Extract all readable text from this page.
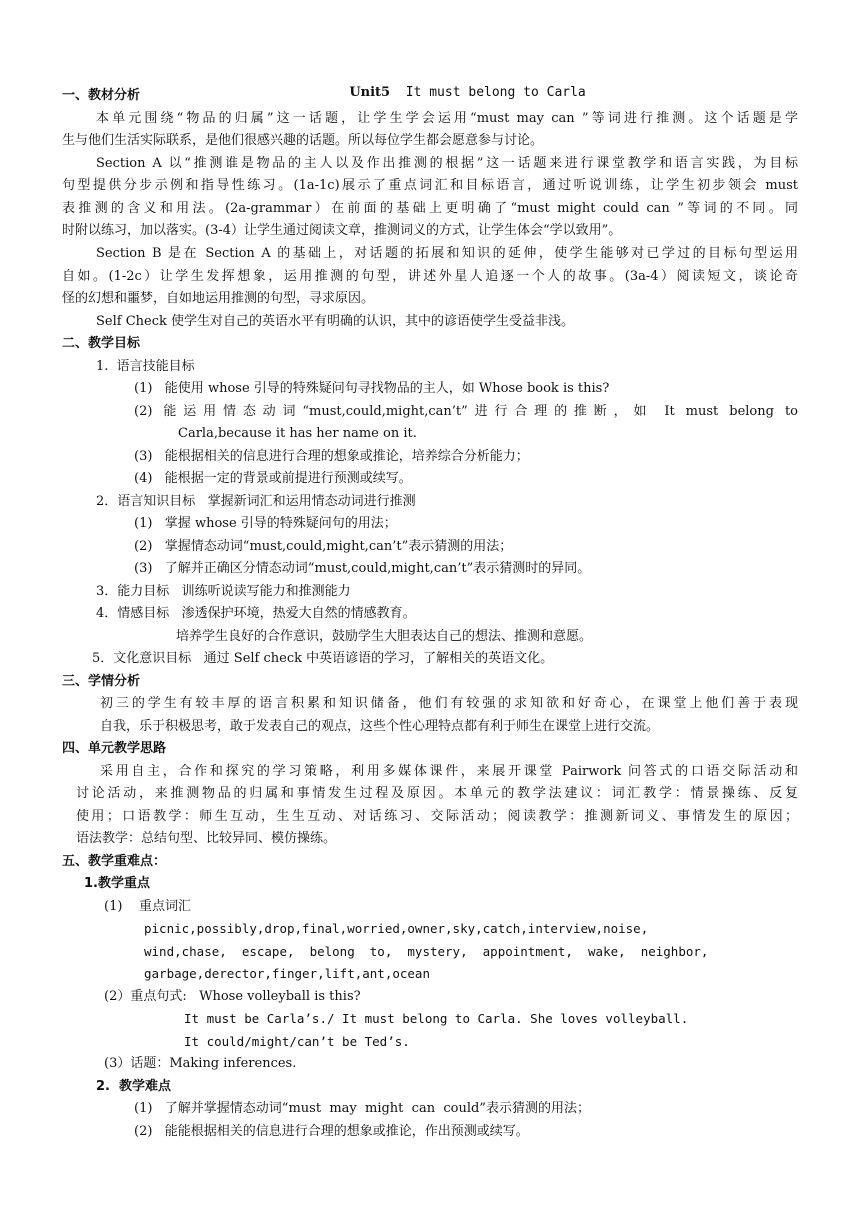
Unit5 It must belong to Carla

一、教材分析
本单元围绕“物品的归属”这一话题，让学生学会运用“must may can ”等词进行推测。这个话题是学
生与他们生活实际联系，是他们很感兴趣的话题。所以每位学生都会愿意参与讨论。
Section A 以“推测谁是物品的主人以及作出推测的根据”这一话题来进行课堂教学和语言实践，为目标
句型提供分步示例和指导性练习。(1a-1c)展示了重点词汇和目标语言，通过听说训练，让学生初步领会 must
表推测的含义和用法。(2a-grammar）在前面的基础上更明确了“must might could can ”等词的不同。同
时附以练习，加以落实。(3-4）让学生通过阅读文章，推测词义的方式，让学生体会“学以致用”。
Section B 是在 Section A 的基础上，对话题的拓展和知识的延伸，使学生能够对已学过的目标句型运用
自如。(1-2c）让学生发挥想象，运用推测的句型，讲述外星人追逐一个人的故事。(3a-4）阅读短文，谈论奇
怪的幻想和噩梦，自如地运用推测的句型，寻求原因。
Self Check 使学生对自己的英语水平有明确的认识，其中的谚语使学生受益非浅。
二、教学目标
1.  语言技能目标
(1)   能使用 whose 引导的特殊疑问句寻找物品的主人，如 Whose book is this?
(2) 能运用情态动词“must,could,might,can’t”进行合理的推断，如 It must belong to
Carla,because it has her name on it.
(3)   能根据相关的信息进行合理的想象或推论，培养综合分析能力；
(4)   能根据一定的背景或前提进行预测或续写。
2．语言知识目标   掌握新词汇和运用情态动词进行推测
(1)   掌握 whose 引导的特殊疑问句的用法；
(2)   掌握情态动词“must,could,might,can’t”表示猜测的用法；
(3)   了解并正确区分情态动词“must,could,might,can’t”表示猜测时的异同。
3．能力目标   训练听说读写能力和推测能力
4．情感目标   渗透保护环境，热爱大自然的情感教育。
培养学生良好的合作意识，鼓励学生大胆表达自己的想法、推测和意愿。
5．文化意识目标   通过 Self check 中英语谚语的学习，了解相关的英语文化。
三、学情分析
初三的学生有较丰厚的语言积累和知识储备，他们有较强的求知欲和好奇心，在课堂上他们善于表现
自我，乐于积极思考，敢于发表自己的观点，这些个性心理特点都有利于师生在课堂上进行交流。
四、单元教学思路
采用自主，合作和探究的学习策略，利用多媒体课件，来展开课堂 Pairwork 问答式的口语交际活动和
讨论活动，来推测物品的归属和事情发生过程及原因。本单元的教学法建议：词汇教学：情景操练、反复
使用；口语教学：师生互动，生生互动、对话练习、交际活动；阅读教学：推测新词义、事情发生的原因；
语法教学：总结句型、比较异同、模仿操练。
五、教学重难点：
1.教学重点
(1)    重点词汇
picnic,possibly,drop,final,worried,owner,sky,catch,interview,noise,
wind,chase,  escape,  belong  to,  mystery,  appointment,  wake,  neighbor,
garbage,derector,finger,lift,ant,ocean
(2）重点句式:   Whose volleyball is this?
It must be Carla’s./ It must belong to Carla. She loves volleyball.
It could/might/can’t be Ted’s.
(3）话题：Making inferences.
2.  教学难点
(1)   了解并掌握情态动词“must  may  might  can  could”表示猜测的用法；
(2)   能能根据相关的信息进行合理的想象或推论，作出预测或续写。
